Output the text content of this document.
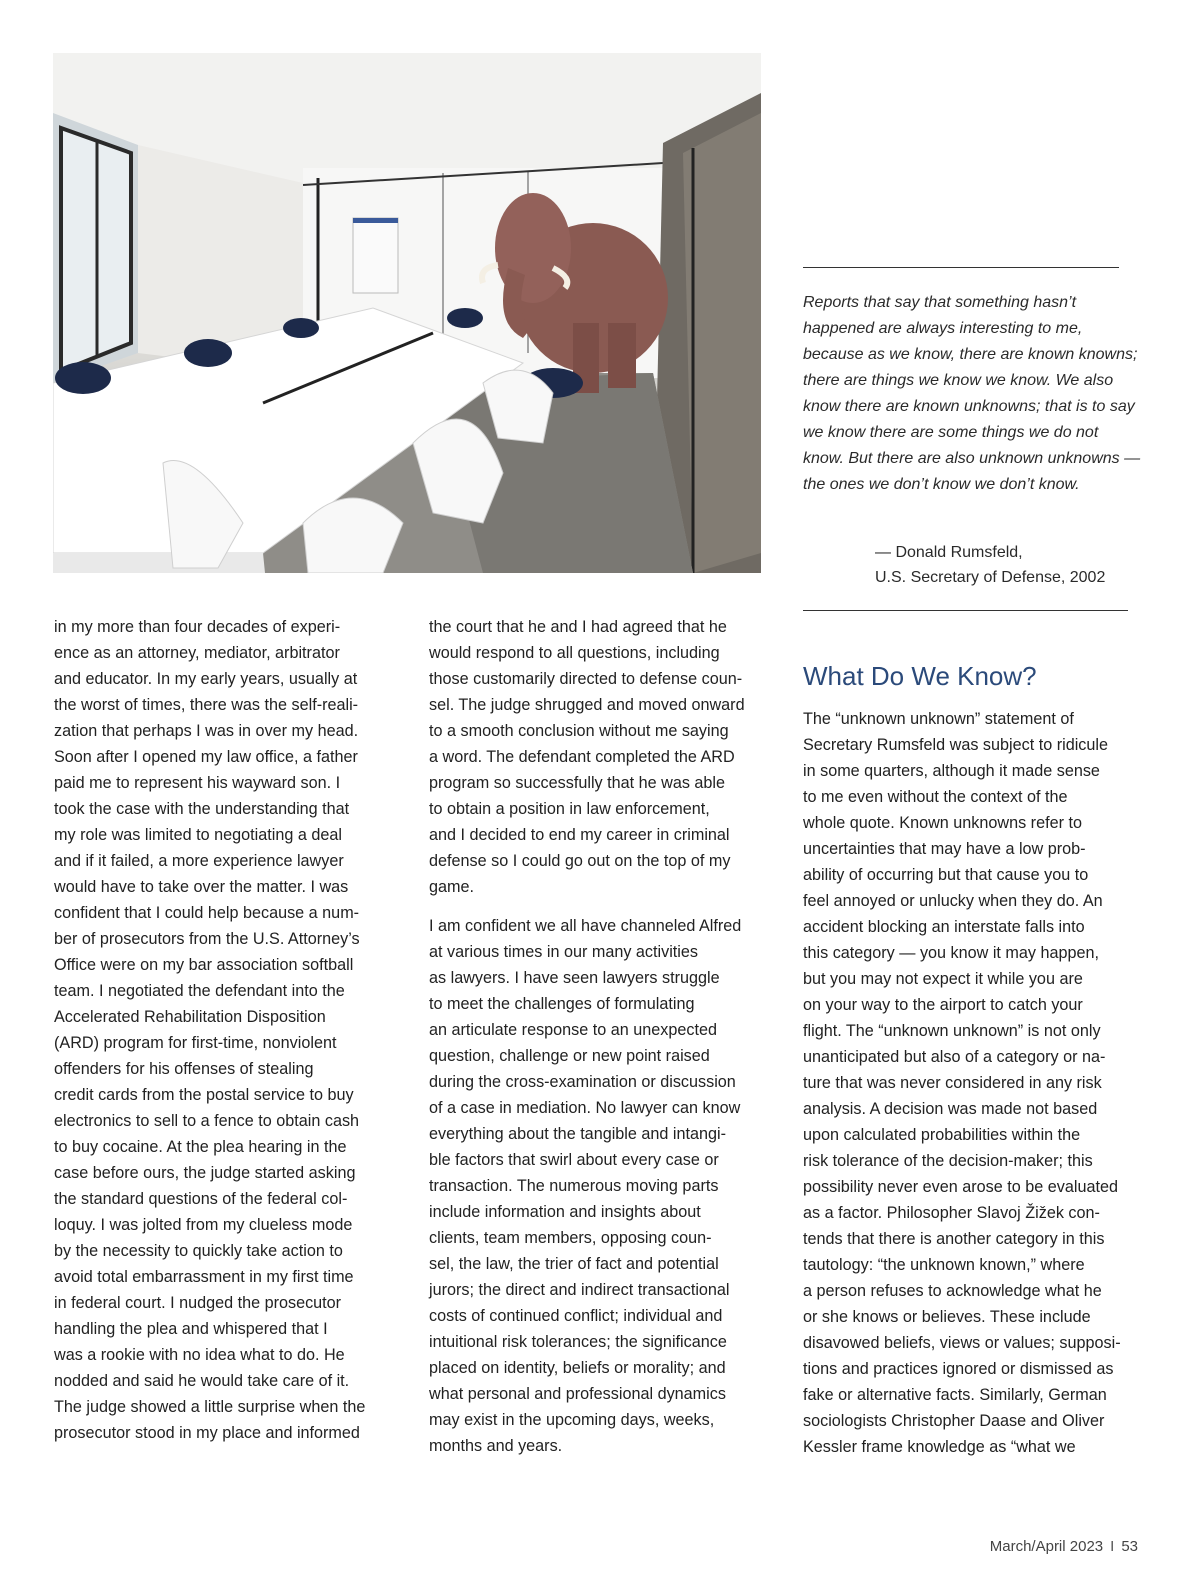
in my more than four decades of experi-
ence as an attorney, mediator, arbitrator
and educator. In my early years, usually at
the worst of times, there was the self-reali-
zation that perhaps I was in over my head.
Soon after I opened my law office, a father
paid me to represent his wayward son. I
took the case with the understanding that
my role was limited to negotiating a deal
and if it failed, a more experience lawyer
would have to take over the matter. I was
confident that I could help because a num-
ber of prosecutors from the U.S. Attorney’s
Office were on my bar association softball
team. I negotiated the defendant into the
Accelerated Rehabilitation Disposition
(ARD) program for first-time, nonviolent
offenders for his offenses of stealing
credit cards from the postal service to buy
electronics to sell to a fence to obtain cash
to buy cocaine. At the plea hearing in the
case before ours, the judge started asking
the standard questions of the federal col-
loquy. I was jolted from my clueless mode
by the necessity to quickly take action to
avoid total embarrassment in my first time
in federal court. I nudged the prosecutor
handling the plea and whispered that I
was a rookie with no idea what to do. He
nodded and said he would take care of it.
The judge showed a little surprise when the
prosecutor stood in my place and informed

the court that he and I had agreed that he
would respond to all questions, including
those customarily directed to defense coun-
sel. The judge shrugged and moved onward
to a smooth conclusion without me saying
a word. The defendant completed the ARD
program so successfully that he was able
to obtain a position in law enforcement,
and I decided to end my career in criminal
defense so I could go out on the top of my
game.

I am confident we all have channeled Alfred
at various times in our many activities
as lawyers. I have seen lawyers struggle
to meet the challenges of formulating
an articulate response to an unexpected
question, challenge or new point raised
during the cross-examination or discussion
of a case in mediation. No lawyer can know
everything about the tangible and intangi-
ble factors that swirl about every case or
transaction. The numerous moving parts
include information and insights about
clients, team members, opposing coun-
sel, the law, the trier of fact and potential
jurors; the direct and indirect transactional
costs of continued conflict; individual and
intuitional risk tolerances; the significance
placed on identity, beliefs or morality; and
what personal and professional dynamics
may exist in the upcoming days, weeks,
months and years.

Reports that say that something hasn’t happened are always interesting to me, because as we know, there are known knowns; there are things we know we know. We also know there are known unknowns; that is to say we know there are some things we do not know. But there are also unknown unknowns — the ones we don’t know we don’t know.

— Donald Rumsfeld,
U.S. Secretary of Defense, 2002
What Do We Know?

The “unknown unknown” statement of
Secretary Rumsfeld was subject to ridicule
in some quarters, although it made sense
to me even without the context of the
whole quote. Known unknowns refer to
uncertainties that may have a low prob-
ability of occurring but that cause you to
feel annoyed or unlucky when they do. An
accident blocking an interstate falls into
this category — you know it may happen,
but you may not expect it while you are
on your way to the airport to catch your
flight. The “unknown unknown” is not only
unanticipated but also of a category or na-
ture that was never considered in any risk
analysis. A decision was made not based
upon calculated probabilities within the
risk tolerance of the decision-maker; this
possibility never even arose to be evaluated
as a factor. Philosopher Slavoj Žižek con-
tends that there is another category in this
tautology: “the unknown known,” where
a person refuses to acknowledge what he
or she knows or believes. These include
disavowed beliefs, views or values; supposi-
tions and practices ignored or dismissed as
fake or alternative facts. Similarly, German
sociologists Christopher Daase and Oliver
Kessler frame knowledge as “what we

March/April 2023 I 53
